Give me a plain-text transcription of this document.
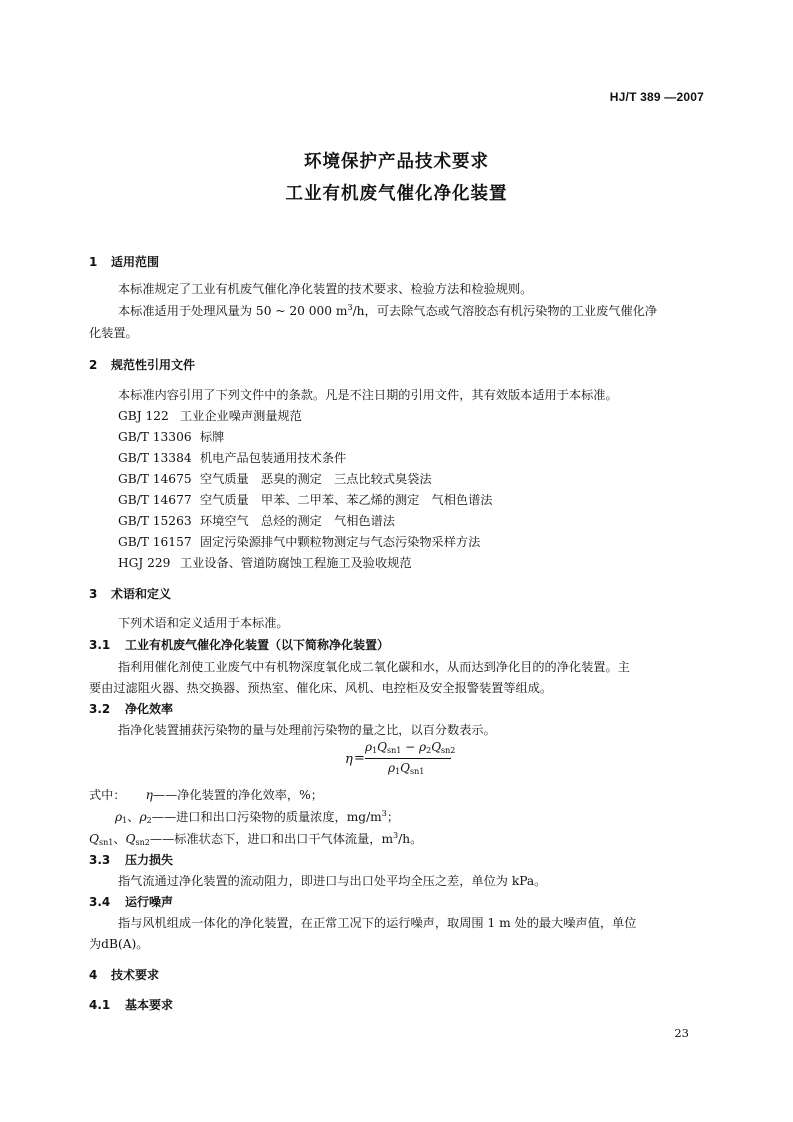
HJ/T 389 —2007
环境保护产品技术要求
工业有机废气催化净化装置
1 适用范围
本标准规定了工业有机废气催化净化装置的技术要求、检验方法和检验规则。
本标准适用于处理风量为 50 ~ 20 000 $m^3/h$，可去除气态或气溶胶态有机污染物的工业废气催化净
化装置。
2 规范性引用文件
本标准内容引用了下列文件中的条款。凡是不注日期的引用文件，其有效版本适用于本标准。
GBJ 122 工业企业噪声测量规范
GB/T 13306 标牌
GB/T 13384 机电产品包装通用技术条件
GB/T 14675 空气质量　恶臭的测定　三点比较式臭袋法
GB/T 14677 空气质量　甲苯、二甲苯、苯乙烯的测定　气相色谱法
GB/T 15263 环境空气　总烃的测定　气相色谱法
GB/T 16157 固定污染源排气中颗粒物测定与气态污染物采样方法
HGJ 229 工业设备、管道防腐蚀工程施工及验收规范
3 术语和定义
下列术语和定义适用于本标准。
3.1 工业有机废气催化净化装置（以下简称净化装置）
指利用催化剂使工业废气中有机物深度氧化成二氧化碳和水，从而达到净化目的的净化装置。主
要由过滤阻火器、热交换器、预热室、催化床、风机、电控柜及安全报警装置等组成。
3.2 净化效率
指净化装置捕获污染物的量与处理前污染物的量之比，以百分数表示。
η =
$\rho_1Q_{sn1} - \rho_2Q_{sn2}$
$\rho_1Q_{sn1}$
式中： η——净化装置的净化效率，%；
$\rho_1$、$\rho_2——$进口和出口污染物的质量浓度，$mg/m^3$；
$Q_{sn1}$、$Q_{sn2}——$标准状态下，进口和出口干气体流量，$m^3/h$。
3.3 压力损失
指气流通过净化装置的流动阻力，即进口与出口处平均全压之差，单位为 kPa。
3.4 运行噪声
指与风机组成一体化的净化装置，在正常工况下的运行噪声，取周围 1 m 处的最大噪声值，单位
为dB(A)。
4 技术要求
4.1 基本要求
23
